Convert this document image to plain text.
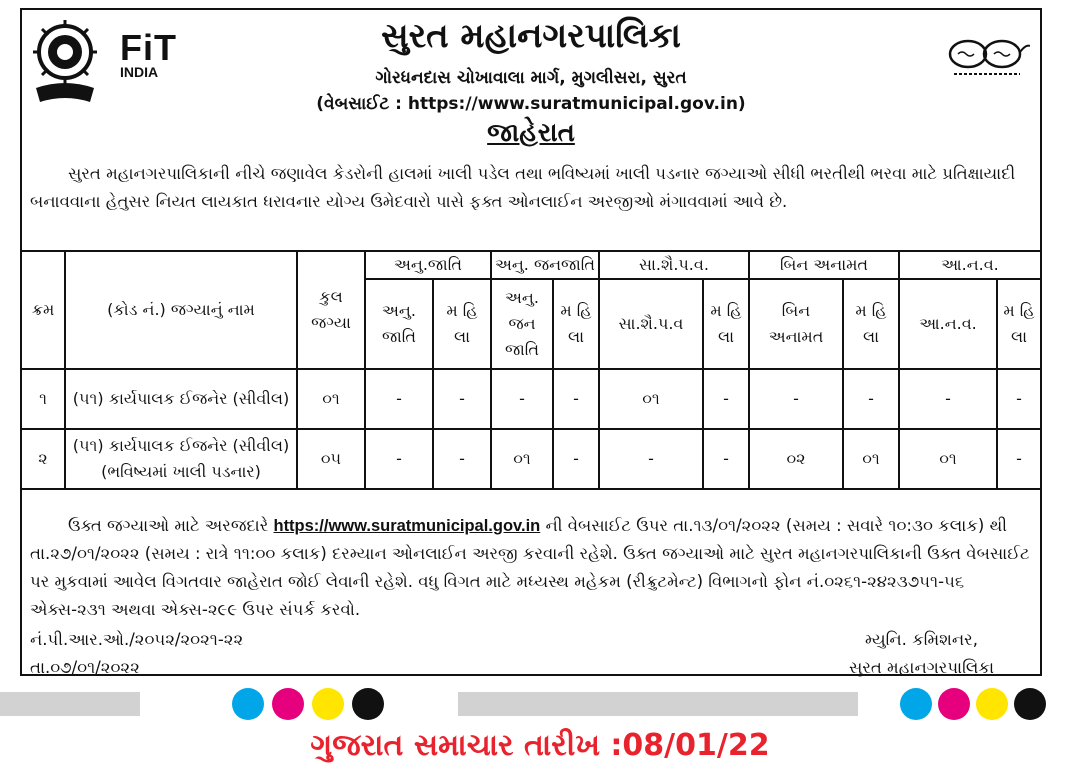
FiT
INDIA
સુરત મહાનગરપાલિકા
ગોરધનદાસ ચોખાવાલા માર્ગ, મુગલીસરા, સુરત
(વેબસાઈટ : https://www.suratmunicipal.gov.in)
જાહેરાત
સુરત મહાનગરપાલિકાની નીચે જણાવેલ કેડરોની હાલમાં ખાલી પડેલ તથા ભવિષ્યમાં ખાલી પડનાર જગ્યાઓ સીધી ભરતીથી ભરવા માટે પ્રતિક્ષાયાદી બનાવવાના હેતુસર નિયત લાયકાત ધરાવનાર યોગ્ય ઉમેદવારો પાસે ફક્ત ઓનલાઈન અરજીઓ મંગાવવામાં આવે છે.
ક્રમ	(કોડ નં.) જગ્યાનું નામ	કુલ જગ્યા	અનુ.જાતિ		અનુ. જનજાતિ		સા.શૈ.પ.વ.		બિન અનામત		આ.ન.વ.	
			અનુ. જાતિ	મ હિ લા	અનુ. જન જાતિ	મ હિ લા	સા.શૈ.પ.વ	મ હિ લા	બિન અનામત	મ હિ લા	આ.ન.વ.	મ હિ લા
૧	(૫૧) કાર્યપાલક ઈજનેર (સીવીલ)	૦૧	-	-	-	-	૦૧	-	-	-	-	-
૨	(૫૧) કાર્યપાલક ઈજનેર (સીવીલ) (ભવિષ્યમાં ખાલી પડનાર)	૦૫	-	-	૦૧	-	-	-	૦૨	૦૧	૦૧	-
ઉક્ત જગ્યાઓ માટે અરજદારે https://www.suratmunicipal.gov.in ની વેબસાઈટ ઉપર તા.૧૩/૦૧/૨૦૨૨ (સમય : સવારે ૧૦:૩૦ કલાક) થી તા.૨૭/૦૧/૨૦૨૨ (સમય : રાત્રે ૧૧:૦૦ કલાક) દરમ્યાન ઓનલાઈન અરજી કરવાની રહેશે. ઉક્ત જગ્યાઓ માટે સુરત મહાનગરપાલિકાની ઉક્ત વેબસાઈટ પર મુકવામાં આવેલ વિગતવાર જાહેરાત જોઈ લેવાની રહેશે. વધુ વિગત માટે મધ્યસ્થ મહેકમ (રીક્રુટમેન્ટ) વિભાગનો ફોન નં.૦૨૬૧-૨૪૨૩૭૫૧-૫૬ એક્સ-૨૩૧ અથવા એક્સ-૨૯૯ ઉપર સંપર્ક કરવો.
નં.પી.આર.ઓ./૨૦૫૨/૨૦૨૧-૨૨
તા.૦૭/૦૧/૨૦૨૨
મ્યુનિ. કમિશનર,
સુરત મહાનગરપાલિકા
ગુજરાત સમાચાર તારીખ :08/01/22
